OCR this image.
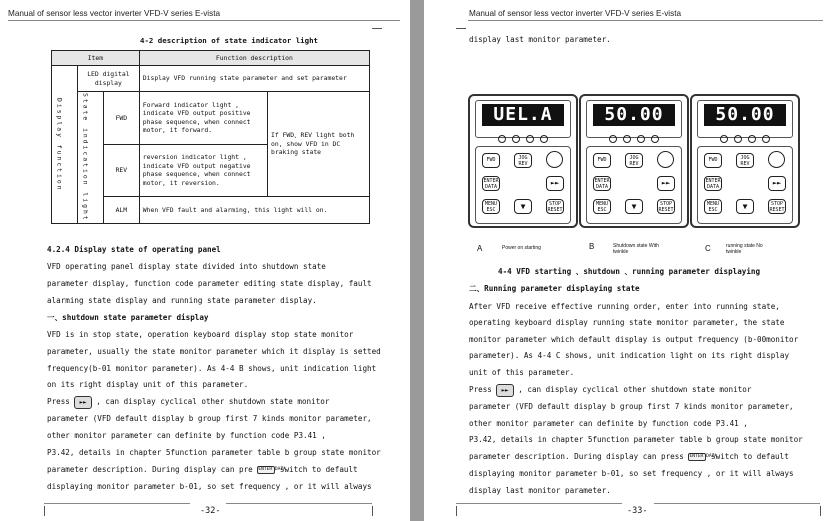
Manual of sensor less vector inverter VFD-V series E-vista
4-2 description of state indicator light
Item			Function description	

Display function	LED digital display		Display VFD running state parameter and set parameter	

	State indication light	FWD	Forward indicator light , indicate VFD output positive phase sequence, when connect motor, it forward.	If FWD、REV light both on, show VFD in DC braking state
		REV	reversion indicator light , indicate VFD output negative phase sequence, when connect motor, it reversion.	
		ALM	When VFD fault and alarming, this light will on.	
4.2.4 Display state of operating panel
VFD operating panel display state divided into shutdown state
parameter display, function code parameter editing state display, fault
alarming state display and running state parameter display.
一、shutdown state parameter display
VFD is in stop state, operation keyboard display stop state monitor
parameter, usually the state monitor parameter which it display is setted
frequency(b-01 monitor parameter). As 4-4 B shows, unit indication light
on its right display unit of this parameter.
Press ►► , can display cyclical other shutdown state monitor
parameter (VFD default display b group first 7 kinds monitor parameter,
other monitor parameter can definite by function code P3.41 ,
P3.42, details in chapter 5function parameter table b group state monitor
parameter description. During display can pre ENTER DATA switch to default
displaying monitor parameter b-01, so set frequency , or it will always
-32-
Manual of sensor less vector inverter VFD-V series E-vista
display last monitor parameter.
UEL.A
FWD	JOG REV
ENTER DATA	►►
MENU ESC	▼	STOP RESET
50.00
FWD	JOG REV
ENTER DATA	►►
MENU ESC	▼	STOP RESET
50.00
FWD	JOG REV
ENTER DATA	►►
MENU ESC	▼	STOP RESET
A	Power on starting	B	Shutdown state With twinkle	C	running state No twinkle
4-4 VFD starting 、shutdown 、running parameter displaying
二、Running parameter displaying state
After VFD receive effective running order, enter into running state,
operating keyboard display running state monitor parameter, the state
monitor parameter which default display is output frequency (b-00monitor
parameter). As 4-4 C shows, unit indication light on its right display
unit of this parameter.
Press ►► , can display cyclical other shutdown state monitor
parameter (VFD default display b group first 7 kinds monitor parameter,
other monitor parameter can definite by function code P3.41 ,
P3.42, details in chapter 5function parameter table b group state monitor
parameter description. During display can press ENTER DATA switch to default
displaying monitor parameter b-01, so set frequency , or it will always
display last monitor parameter.
-33-
